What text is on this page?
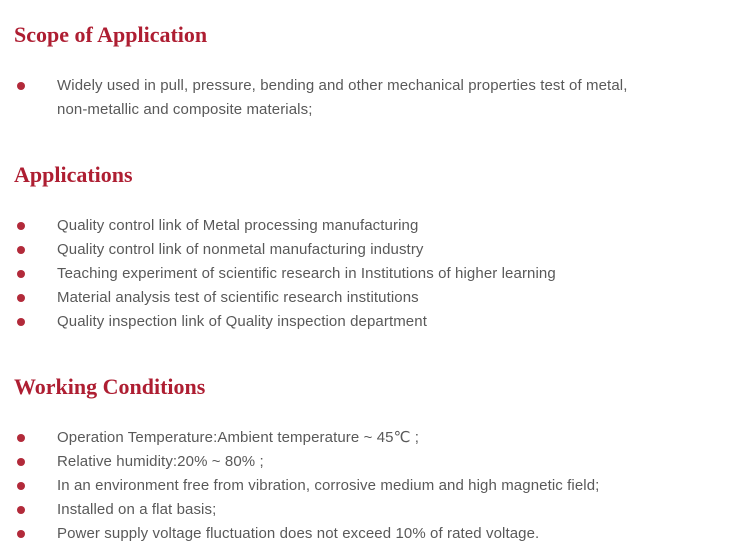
Scope of Application
Widely used in pull, pressure, bending and other mechanical properties test of metal,
non-metallic and composite materials;
Applications
Quality control link of Metal processing manufacturing
Quality control link of nonmetal manufacturing industry
Teaching experiment of scientific research in Institutions of higher learning
Material analysis test of scientific research institutions
Quality inspection link of Quality inspection department
Working Conditions
Operation Temperature:Ambient temperature ~ 45℃ ;
Relative humidity:20% ~ 80% ;
In an environment free from vibration, corrosive medium and high magnetic field;
Installed on a flat basis;
Power supply voltage fluctuation does not exceed 10% of rated voltage.
